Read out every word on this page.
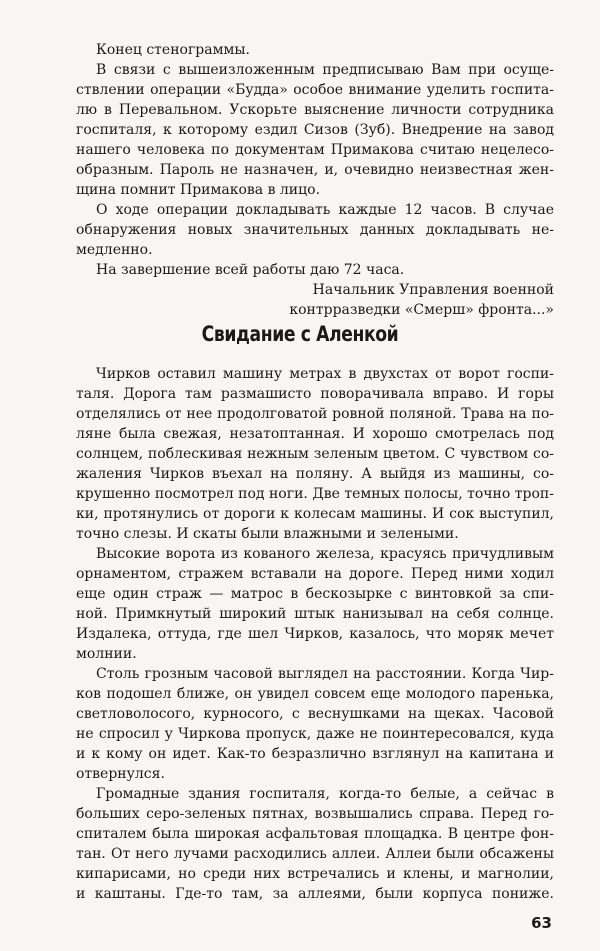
Конец стенограммы.
В связи с вышеизложенным предписываю Вам при осуще-
ствлении операции «Будда» особое внимание уделить госпита-
лю в Перевальном. Ускорьте выяснение личности сотрудника
госпиталя, к которому ездил Сизов (Зуб). Внедрение на завод
нашего человека по документам Примакова считаю нецелесо-
образным. Пароль не назначен, и, очевидно неизвестная жен-
щина помнит Примакова в лицо.
О ходе операции докладывать каждые 12 часов. В случае
обнаружения новых значительных данных докладывать не-
медленно.
На завершение всей работы даю 72 часа.
Начальник Управления военной
контрразведки «Смерш» фронта...»
Свидание с Аленкой
Чирков оставил машину метрах в двухстах от ворот госпи-
таля. Дорога там размашисто поворачивала вправо. И горы
отделялись от нее продолговатой ровной поляной. Трава на по-
ляне была свежая, незатоптанная. И хорошо смотрелась под
солнцем, поблескивая нежным зеленым цветом. С чувством со-
жаления Чирков въехал на поляну. А выйдя из машины, со-
крушенно посмотрел под ноги. Две темных полосы, точно троп-
ки, протянулись от дороги к колесам машины. И сок выступил,
точно слезы. И скаты были влажными и зелеными.
Высокие ворота из кованого железа, красуясь причудливым
орнаментом, стражем вставали на дороге. Перед ними ходил
еще один страж — матрос в бескозырке с винтовкой за спи-
ной. Примкнутый широкий штык нанизывал на себя солнце.
Издалека, оттуда, где шел Чирков, казалось, что моряк мечет
молнии.
Столь грозным часовой выглядел на расстоянии. Когда Чир-
ков подошел ближе, он увидел совсем еще молодого паренька,
светловолосого, курносого, с веснушками на щеках. Часовой
не спросил у Чиркова пропуск, даже не поинтересовался, куда
и к кому он идет. Как-то безразлично взглянул на капитана и
отвернулся.
Громадные здания госпиталя, когда-то белые, а сейчас в
больших серо-зеленых пятнах, возвышались справа. Перед го-
спиталем была широкая асфальтовая площадка. В центре фон-
тан. От него лучами расходились аллеи. Аллеи были обсажены
кипарисами, но среди них встречались и клены, и магнолии,
и каштаны. Где-то там, за аллеями, были корпуса пониже.
63
